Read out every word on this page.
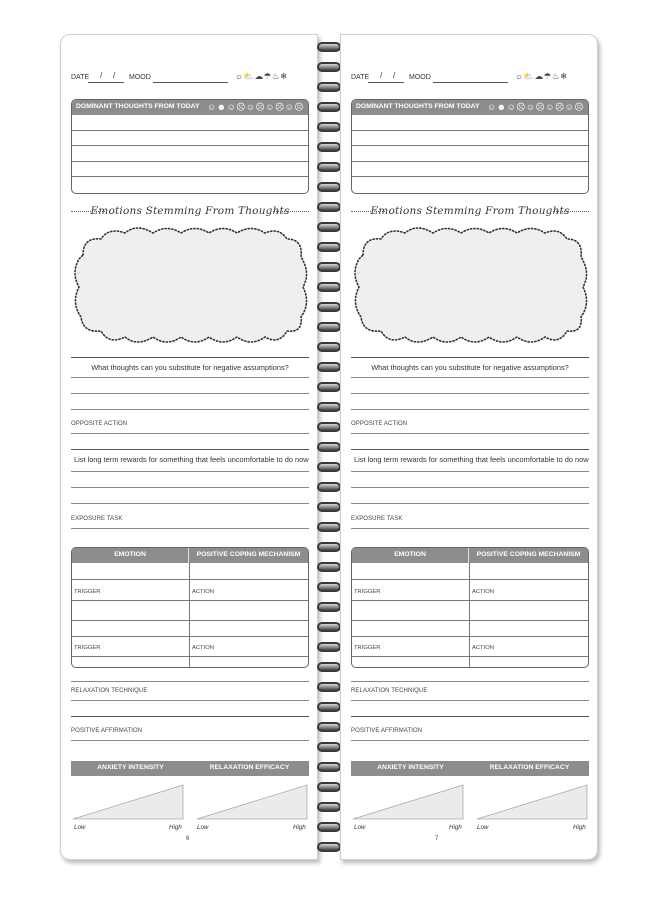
DATE / / MOOD	☼⛅☁☂♨❄
DOMINANT THOUGHTS FROM TODAY ☺☻☺☹☺☹☺☹☺☹
Emotions Stemming From Thoughts
What thoughts can you substitute for negative assumptions?
OPPOSITE ACTION
List long term rewards for something that feels uncomfortable to do now
EXPOSURE TASK
EMOTION	POSITIVE COPING MECHANISM
TRIGGER	ACTION
TRIGGER	ACTION
RELAXATION TECHNIQUE
POSITIVE AFFIRMATION
ANXIETY INTENSITY	RELAXATION EFFICACY
Low	High Low	High
6
DATE / / MOOD	☼⛅☁☂♨❄
DOMINANT THOUGHTS FROM TODAY ☺☻☺☹☺☹☺☹☺☹
Emotions Stemming From Thoughts
What thoughts can you substitute for negative assumptions?
OPPOSITE ACTION
List long term rewards for something that feels uncomfortable to do now
EXPOSURE TASK
EMOTION	POSITIVE COPING MECHANISM
TRIGGER	ACTION
TRIGGER	ACTION
RELAXATION TECHNIQUE
POSITIVE AFFIRMATION
ANXIETY INTENSITY	RELAXATION EFFICACY
Low	High Low	High
7
